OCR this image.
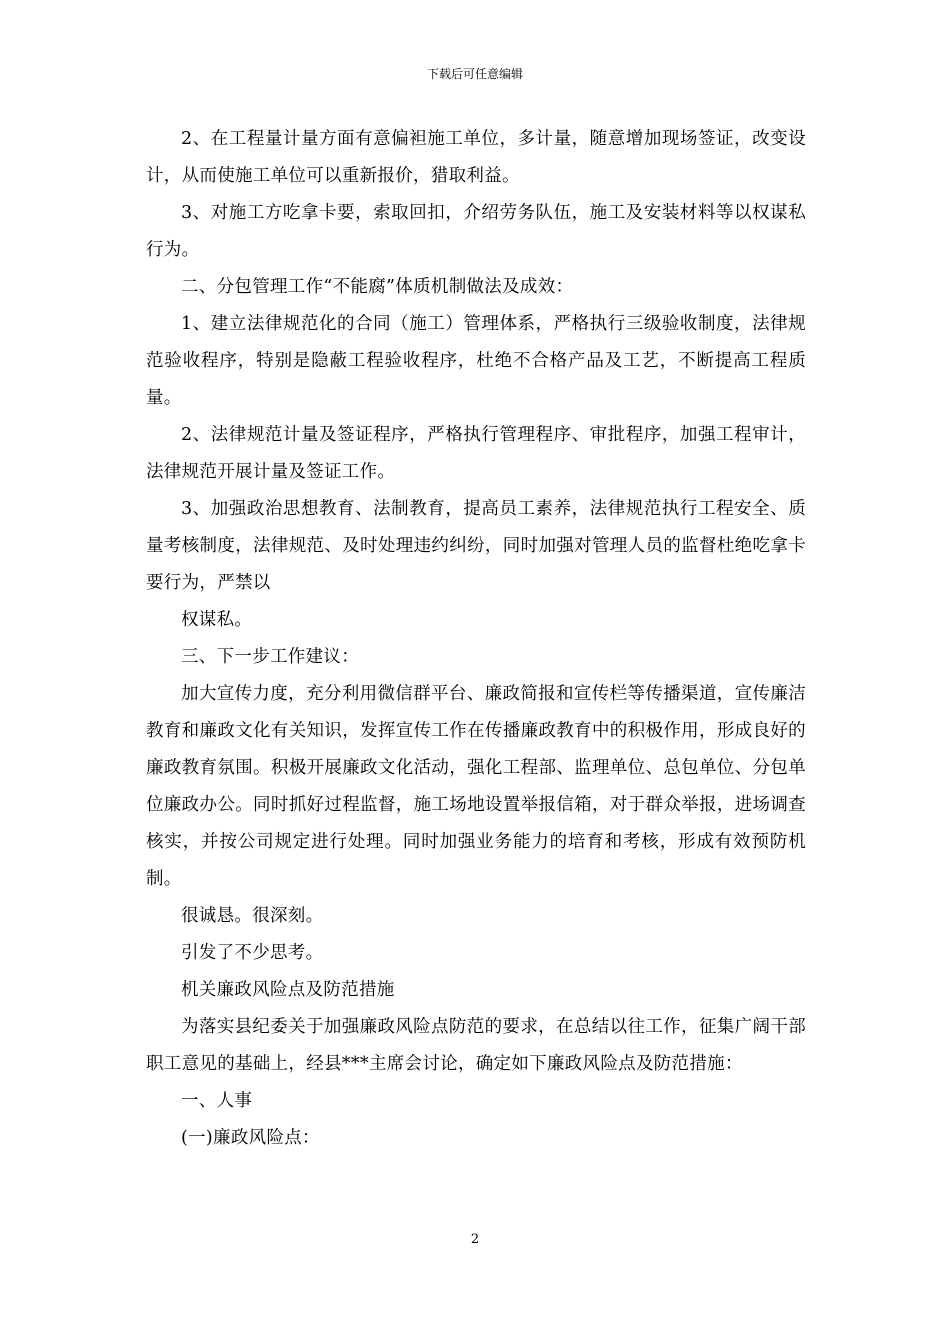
下载后可任意编辑

2、在工程量计量方面有意偏袒施工单位，多计量，随意增加现场签证，改变设计，从而使施工单位可以重新报价，猎取利益。

3、对施工方吃拿卡要，索取回扣，介绍劳务队伍，施工及安装材料等以权谋私行为。

二、分包管理工作“不能腐”体质机制做法及成效：

1、建立法律规范化的合同（施工）管理体系，严格执行三级验收制度，法律规范验收程序，特别是隐蔽工程验收程序，杜绝不合格产品及工艺，不断提高工程质量。

2、法律规范计量及签证程序，严格执行管理程序、审批程序，加强工程审计，法律规范开展计量及签证工作。

3、加强政治思想教育、法制教育，提高员工素养，法律规范执行工程安全、质量考核制度，法律规范、及时处理违约纠纷，同时加强对管理人员的监督杜绝吃拿卡要行为，严禁以

权谋私。

三、下一步工作建议：

加大宣传力度，充分利用微信群平台、廉政简报和宣传栏等传播渠道，宣传廉洁教育和廉政文化有关知识，发挥宣传工作在传播廉政教育中的积极作用，形成良好的廉政教育氛围。积极开展廉政文化活动，强化工程部、监理单位、总包单位、分包单位廉政办公。同时抓好过程监督，施工场地设置举报信箱，对于群众举报，进场调查核实，并按公司规定进行处理。同时加强业务能力的培育和考核，形成有效预防机制。

很诚恳。很深刻。

引发了不少思考。

机关廉政风险点及防范措施

为落实县纪委关于加强廉政风险点防范的要求，在总结以往工作，征集广阔干部职工意见的基础上，经县***主席会讨论，确定如下廉政风险点及防范措施：

一、人事

(一)廉政风险点：

2
